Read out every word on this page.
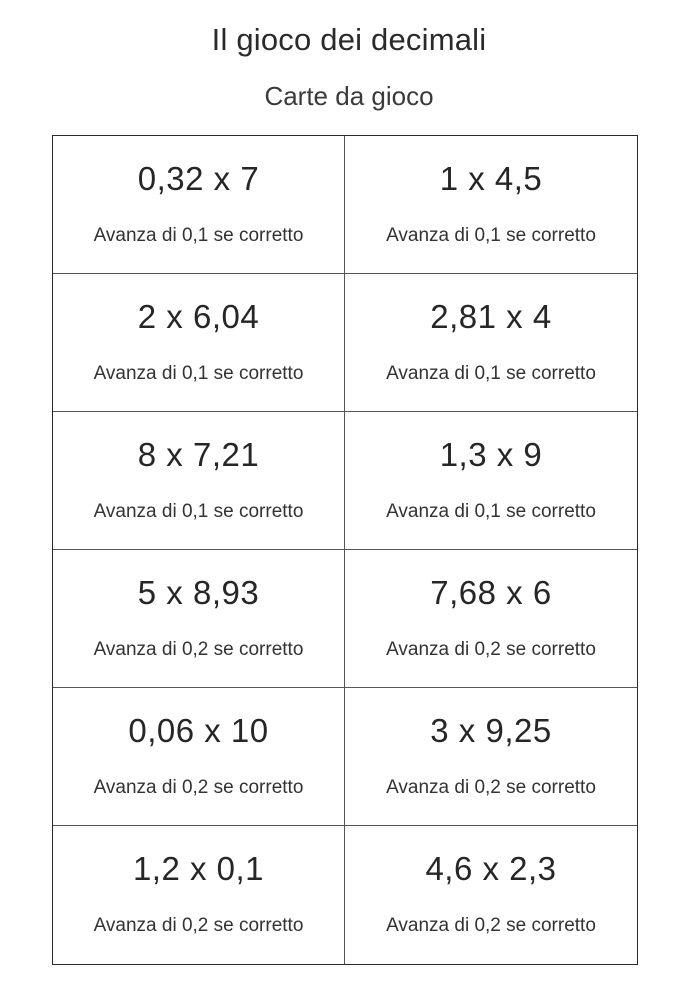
Il gioco dei decimali
Carte da gioco
0,32 x 7
Avanza di 0,1 se corretto
1 x 4,5
Avanza di 0,1 se corretto
2 x 6,04
Avanza di 0,1 se corretto
2,81 x 4
Avanza di 0,1 se corretto
8 x 7,21
Avanza di 0,1 se corretto
1,3 x 9
Avanza di 0,1 se corretto
5 x 8,93
Avanza di 0,2 se corretto
7,68 x 6
Avanza di 0,2 se corretto
0,06 x 10
Avanza di 0,2 se corretto
3 x 9,25
Avanza di 0,2 se corretto
1,2 x 0,1
Avanza di 0,2 se corretto
4,6 x 2,3
Avanza di 0,2 se corretto
